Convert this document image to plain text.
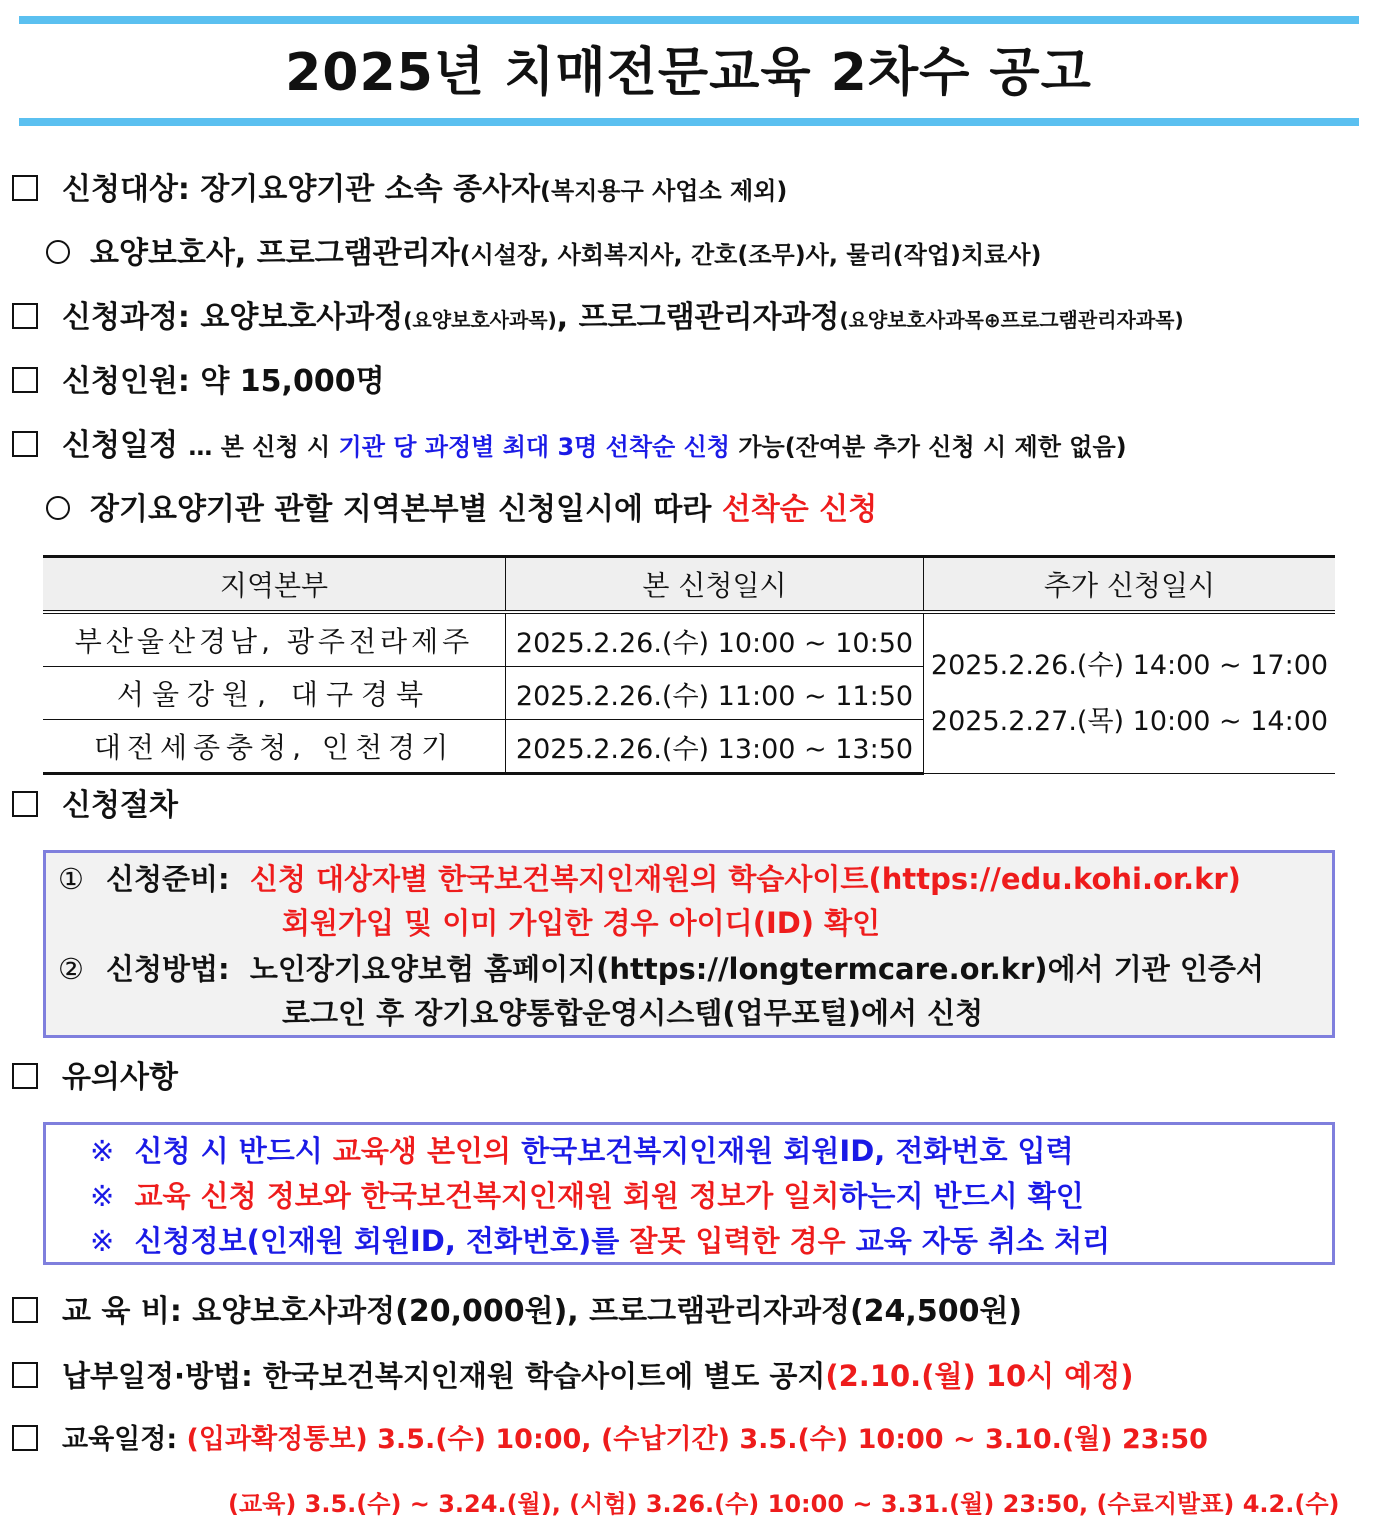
2025년 치매전문교육 2차수 공고
신청대상: 장기요양기관 소속 종사자(복지용구 사업소 제외)
요양보호사, 프로그램관리자(시설장, 사회복지사, 간호(조무)사, 물리(작업)치료사)
신청과정: 요양보호사과정(요양보호사과목), 프로그램관리자과정(요양보호사과목⊕프로그램관리자과목)
신청인원: 약 15,000명
신청일정 … 본 신청 시 기관 당 과정별 최대 3명 선착순 신청 가능(잔여분 추가 신청 시 제한 없음)
장기요양기관 관할 지역본부별 신청일시에 따라 선착순 신청
지역본부	본 신청일시	추가 신청일시
부산울산경남, 광주전라제주	2025.2.26.(수) 10:00 ~ 10:50	2025.2.26.(수) 14:00 ~ 17:00
2025.2.27.(목) 10:00 ~ 14:00

서울강원, 대구경북	2025.2.26.(수) 11:00 ~ 11:50	
대전세종충청, 인천경기	2025.2.26.(수) 13:00 ~ 13:50	
신청절차
① 신청준비: 신청 대상자별 한국보건복지인재원의 학습사이트(https://edu.kohi.or.kr)
회원가입 및 이미 가입한 경우 아이디(ID) 확인
② 신청방법: 노인장기요양보험 홈페이지(https://longtermcare.or.kr)에서 기관 인증서
로그인 후 장기요양통합운영시스템(업무포털)에서 신청
유의사항
※ 신청 시 반드시 교육생 본인의 한국보건복지인재원 회원ID, 전화번호 입력
※ 교육 신청 정보와 한국보건복지인재원 회원 정보가 일치하는지 반드시 확인
※ 신청정보(인재원 회원ID, 전화번호)를 잘못 입력한 경우 교육 자동 취소 처리
교 육 비: 요양보호사과정(20,000원), 프로그램관리자과정(24,500원)
납부일정·방법: 한국보건복지인재원 학습사이트에 별도 공지(2.10.(월) 10시 예정)
교육일정: (입과확정통보) 3.5.(수) 10:00, (수납기간) 3.5.(수) 10:00 ~ 3.10.(월) 23:50
(교육) 3.5.(수) ~ 3.24.(월), (시험) 3.26.(수) 10:00 ~ 3.31.(월) 23:50, (수료지발표) 4.2.(수)
